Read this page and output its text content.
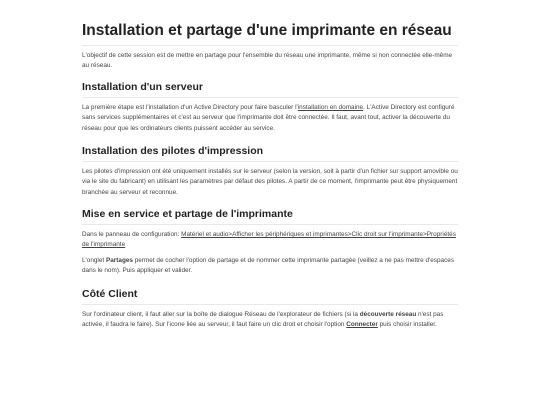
Installation et partage d'une imprimante en réseau

L'objectif de cette session est de mettre en partage pour l'ensemble du réseau une imprimante, même si non connectée elle-même au réseau.

Installation d'un serveur

La première étape est l'installation d'un Active Directory pour faire basculer l'installation en domaine. L'Active Directory est configuré sans services supplémentaires et c'est au serveur que l'imprimante doit être connectée. Il faut, avant tout, activer la découverte du réseau pour que les ordinateurs clients puissent accéder au service.

Installation des pilotes d'impression

Les pilotes d'impression ont été uniquement installés sur le serveur (selon la version, soit à partir d'un fichier sur support amovible ou via le site du fabricant) en utilisant les paramètres par défaut des pilotes. A partir de ce moment, l'imprimante peut être physiquement branchée au serveur et reconnue.

Mise en service et partage de l'imprimante

Dans le panneau de configuration: Matériel et audio>Afficher les périphériques et imprimantes>Clic droit sur l'imprimante>Propriétés de l'imprimante

L'onglet Partages permet de cocher l'option de partage et de nommer cette imprimante partagée (veillez a ne pas mettre d'espaces dans le nom). Puis appliquer et valider.

Côté Client

Sur l'ordinateur client, il faut aller sur la boîte de dialogue Réseau de l'explorateur de fichiers (si la découverte réseau n'est pas activée, il faudra le faire). Sur l'icone liée au serveur, il faut faire un clic droit et choisir l'option Connecter puis choisir installer.
